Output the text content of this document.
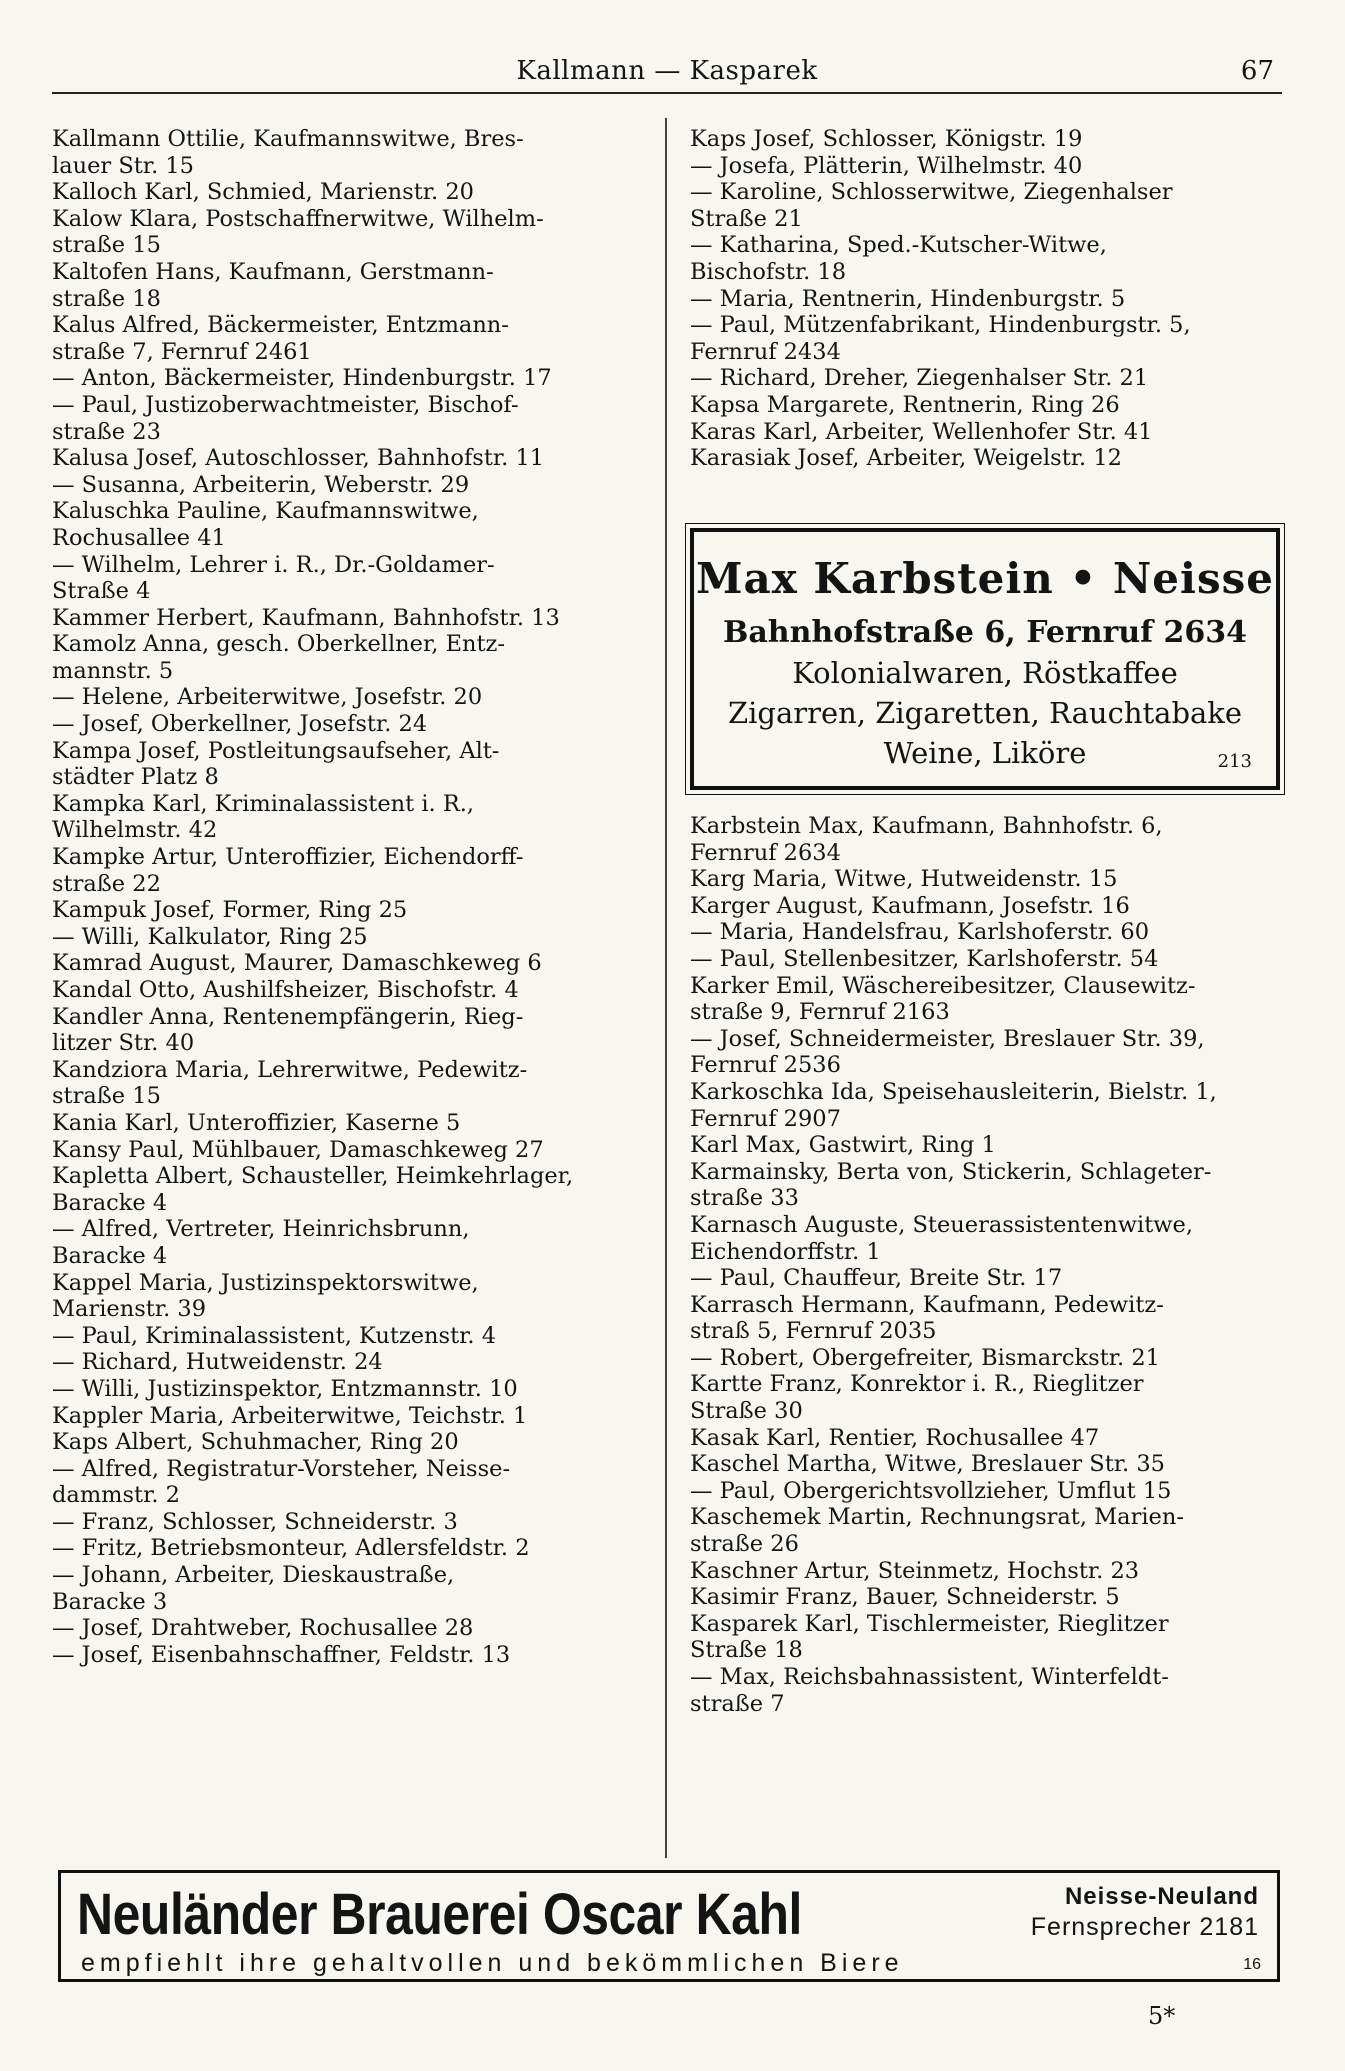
Kallmann — Kasparek	67
Kallmann Ottilie, Kaufmannswitwe, Bres-
lauer Str. 15
Kalloch Karl, Schmied, Marienstr. 20
Kalow Klara, Postschaffnerwitwe, Wilhelm-
straße 15
Kaltofen Hans, Kaufmann, Gerstmann-
straße 18
Kalus Alfred, Bäckermeister, Entzmann-
straße 7, Fernruf 2461
— Anton, Bäckermeister, Hindenburgstr. 17
— Paul, Justizoberwachtmeister, Bischof-
straße 23
Kalusa Josef, Autoschlosser, Bahnhofstr. 11
— Susanna, Arbeiterin, Weberstr. 29
Kaluschka Pauline, Kaufmannswitwe,
Rochusallee 41
— Wilhelm, Lehrer i. R., Dr.-Goldamer-
Straße 4
Kammer Herbert, Kaufmann, Bahnhofstr. 13
Kamolz Anna, gesch. Oberkellner, Entz-
mannstr. 5
— Helene, Arbeiterwitwe, Josefstr. 20
— Josef, Oberkellner, Josefstr. 24
Kampa Josef, Postleitungsaufseher, Alt-
städter Platz 8
Kampka Karl, Kriminalassistent i. R.,
Wilhelmstr. 42
Kampke Artur, Unteroffizier, Eichendorff-
straße 22
Kampuk Josef, Former, Ring 25
— Willi, Kalkulator, Ring 25
Kamrad August, Maurer, Damaschkeweg 6
Kandal Otto, Aushilfsheizer, Bischofstr. 4
Kandler Anna, Rentenempfängerin, Rieg-
litzer Str. 40
Kandziora Maria, Lehrerwitwe, Pedewitz-
straße 15
Kania Karl, Unteroffizier, Kaserne 5
Kansy Paul, Mühlbauer, Damaschkeweg 27
Kapletta Albert, Schausteller, Heimkehrlager,
Baracke 4
— Alfred, Vertreter, Heinrichsbrunn,
Baracke 4
Kappel Maria, Justizinspektorswitwe,
Marienstr. 39
— Paul, Kriminalassistent, Kutzenstr. 4
— Richard, Hutweidenstr. 24
— Willi, Justizinspektor, Entzmannstr. 10
Kappler Maria, Arbeiterwitwe, Teichstr. 1
Kaps Albert, Schuhmacher, Ring 20
— Alfred, Registratur-Vorsteher, Neisse-
dammstr. 2
— Franz, Schlosser, Schneiderstr. 3
— Fritz, Betriebsmonteur, Adlersfeldstr. 2
— Johann, Arbeiter, Dieskaustraße,
Baracke 3
— Josef, Drahtweber, Rochusallee 28
— Josef, Eisenbahnschaffner, Feldstr. 13
Kaps Josef, Schlosser, Königstr. 19
— Josefa, Plätterin, Wilhelmstr. 40
— Karoline, Schlosserwitwe, Ziegenhalser
Straße 21
— Katharina, Sped.-Kutscher-Witwe,
Bischofstr. 18
— Maria, Rentnerin, Hindenburgstr. 5
— Paul, Mützenfabrikant, Hindenburgstr. 5,
Fernruf 2434
— Richard, Dreher, Ziegenhalser Str. 21
Kapsa Margarete, Rentnerin, Ring 26
Karas Karl, Arbeiter, Wellenhofer Str. 41
Karasiak Josef, Arbeiter, Weigelstr. 12
Max Karbstein • Neisse
Bahnhofstraße 6, Fernruf 2634
Kolonialwaren, Röstkaffee
Zigarren, Zigaretten, Rauchtabake
Weine, Liköre	213
Karbstein Max, Kaufmann, Bahnhofstr. 6,
Fernruf 2634
Karg Maria, Witwe, Hutweidenstr. 15
Karger August, Kaufmann, Josefstr. 16
— Maria, Handelsfrau, Karlshoferstr. 60
— Paul, Stellenbesitzer, Karlshoferstr. 54
Karker Emil, Wäschereibesitzer, Clausewitz-
straße 9, Fernruf 2163
— Josef, Schneidermeister, Breslauer Str. 39,
Fernruf 2536
Karkoschka Ida, Speisehausleiterin, Bielstr. 1,
Fernruf 2907
Karl Max, Gastwirt, Ring 1
Karmainsky, Berta von, Stickerin, Schlageter-
straße 33
Karnasch Auguste, Steuerassistentenwitwe,
Eichendorffstr. 1
— Paul, Chauffeur, Breite Str. 17
Karrasch Hermann, Kaufmann, Pedewitz-
straß 5, Fernruf 2035
— Robert, Obergefreiter, Bismarckstr. 21
Kartte Franz, Konrektor i. R., Rieglitzer
Straße 30
Kasak Karl, Rentier, Rochusallee 47
Kaschel Martha, Witwe, Breslauer Str. 35
— Paul, Obergerichtsvollzieher, Umflut 15
Kaschemek Martin, Rechnungsrat, Marien-
straße 26
Kaschner Artur, Steinmetz, Hochstr. 23
Kasimir Franz, Bauer, Schneiderstr. 5
Kasparek Karl, Tischlermeister, Rieglitzer
Straße 18
— Max, Reichsbahnassistent, Winterfeldt-
straße 7
Neuländer Brauerei Oscar Kahl	Neisse-Neuland
Fernsprecher 2181
empfiehlt ihre gehaltvollen und bekömmlichen Biere	16
5*
